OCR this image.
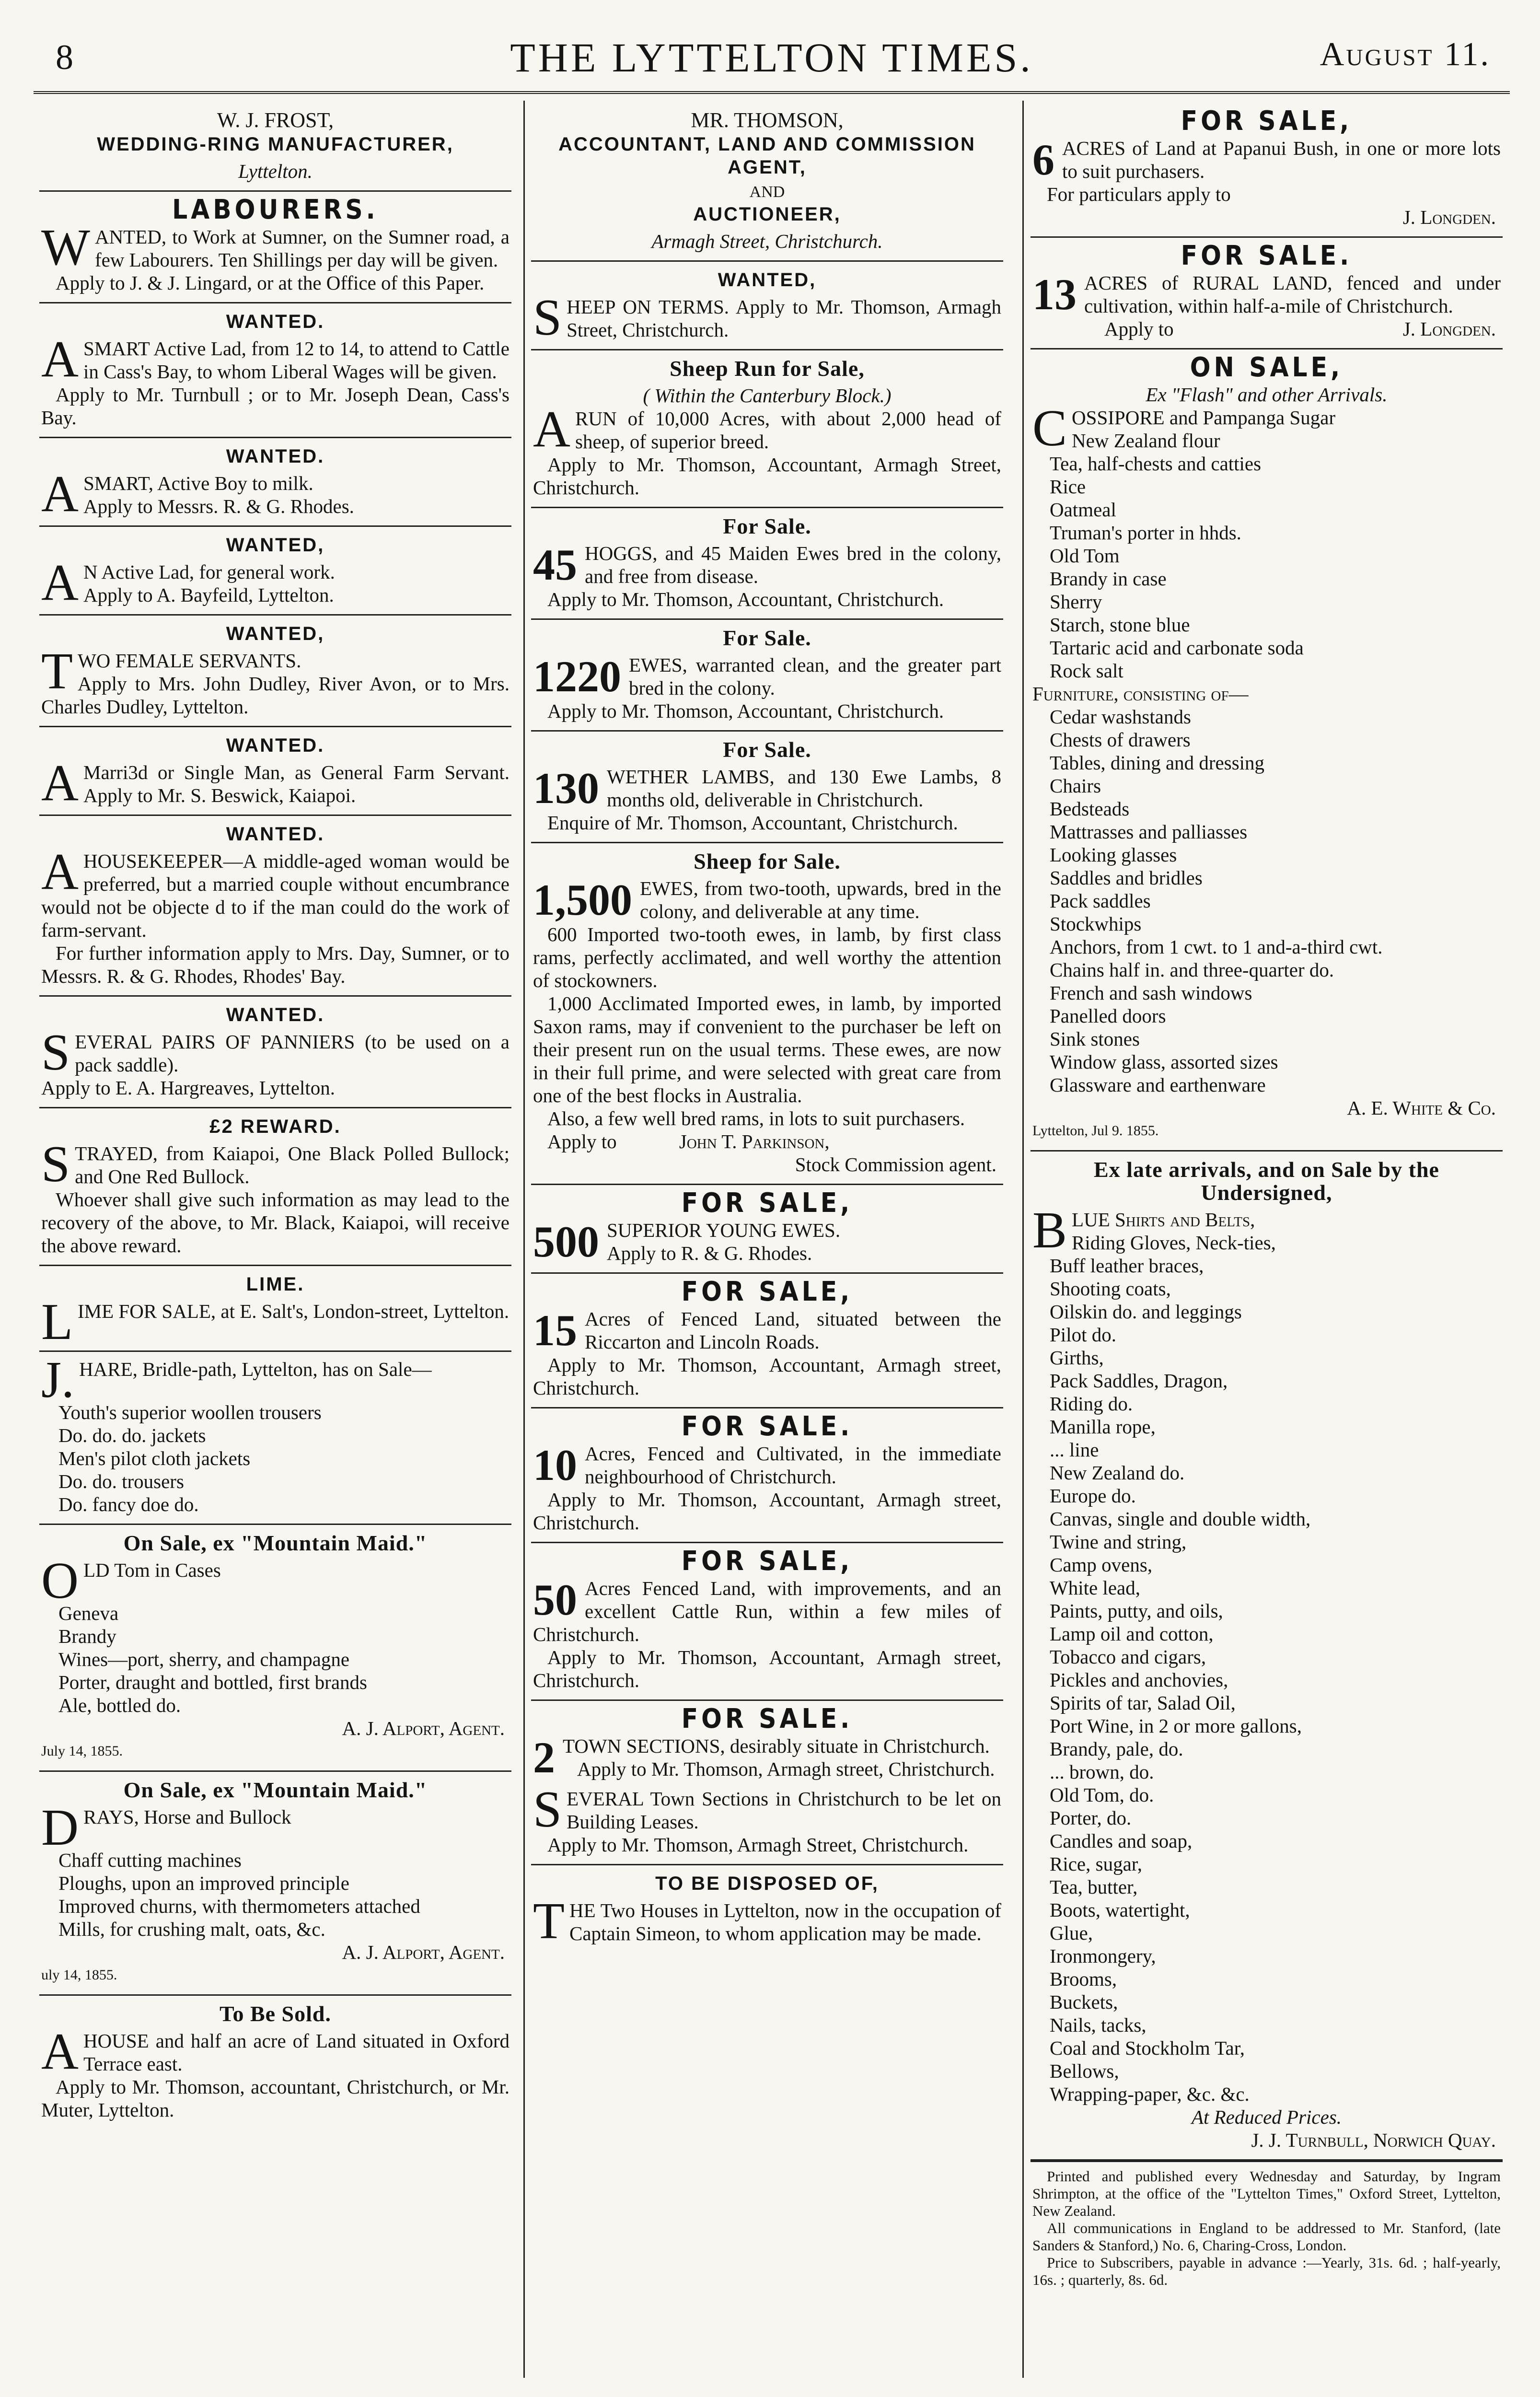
8	THE LYTTELTON TIMES.	August 11.
W. J. FROST,
WEDDING-RING MANUFACTURER,
Lyttelton.
LABOURERS.
W ANTED, to Work at Sumner, on the Sumner road, a few Labourers. Ten Shillings per day will be given.

Apply to J. & J. Lingard, or at the Office of this Paper.

WANTED.
A SMART Active Lad, from 12 to 14, to attend to Cattle in Cass's Bay, to whom Liberal Wages will be given.

Apply to Mr. Turnbull ; or to Mr. Joseph Dean, Cass's Bay.

WANTED.
A SMART, Active Boy to milk.

Apply to Messrs. R. & G. Rhodes.

WANTED,
A N Active Lad, for general work.

Apply to A. Bayfeild, Lyttelton.

WANTED,
T WO FEMALE SERVANTS.

Apply to Mrs. John Dudley, River Avon, or to Mrs. Charles Dudley, Lyttelton.

WANTED.
A Marri3d or Single Man, as General Farm Servant. Apply to Mr. S. Beswick, Kaiapoi.

WANTED.
A HOUSEKEEPER—A middle-aged woman would be preferred, but a married couple without encumbrance would not be objecte d to if the man could do the work of farm-servant.

For further information apply to Mrs. Day, Sumner, or to Messrs. R. & G. Rhodes, Rhodes' Bay.

WANTED.
S EVERAL PAIRS OF PANNIERS (to be used on a pack saddle).

Apply to E. A. Hargreaves, Lyttelton.

£2 REWARD.
S TRAYED, from Kaiapoi, One Black Polled Bullock; and One Red Bullock.

Whoever shall give such information as may lead to the recovery of the above, to Mr. Black, Kaiapoi, will receive the above reward.

LIME.
L IME FOR SALE, at E. Salt's, London-street, Lyttelton.

J. HARE, Bridle-path, Lyttelton, has on Sale—

Youth's superior woollen trousers
Do. do. do. jackets
Men's pilot cloth jackets
Do. do. trousers
Do. fancy doe do.
On Sale, ex "Mountain Maid."
O LD Tom in Cases

Geneva
Brandy
Wines—port, sherry, and champagne
Porter, draught and bottled, first brands
Ale, bottled do.
A. J. Alport, Agent.
July 14, 1855.
On Sale, ex "Mountain Maid."
D RAYS, Horse and Bullock

Chaff cutting machines
Ploughs, upon an improved principle
Improved churns, with thermometers attached
Mills, for crushing malt, oats, &c.
A. J. Alport, Agent.
uly 14, 1855.
To Be Sold.
A HOUSE and half an acre of Land situated in Oxford Terrace east.

Apply to Mr. Thomson, accountant, Christchurch, or Mr. Muter, Lyttelton.

MR. THOMSON,
ACCOUNTANT, LAND AND COMMISSION AGENT,
AND
AUCTIONEER,
Armagh Street, Christchurch.
WANTED,
S HEEP ON TERMS. Apply to Mr. Thomson, Armagh Street, Christchurch.

Sheep Run for Sale,
( Within the Canterbury Block.)
A RUN of 10,000 Acres, with about 2,000 head of sheep, of superior breed.

Apply to Mr. Thomson, Accountant, Armagh Street, Christchurch.

For Sale.
45 HOGGS, and 45 Maiden Ewes bred in the colony, and free from disease.

Apply to Mr. Thomson, Accountant, Christchurch.

For Sale.
1220 EWES, warranted clean, and the greater part bred in the colony.

Apply to Mr. Thomson, Accountant, Christchurch.

For Sale.
130 WETHER LAMBS, and 130 Ewe Lambs, 8 months old, deliverable in Christchurch.

Enquire of Mr. Thomson, Accountant, Christchurch.

Sheep for Sale.
1,500 EWES, from two-tooth, upwards, bred in the colony, and deliverable at any time.

600 Imported two-tooth ewes, in lamb, by first class rams, perfectly acclimated, and well worthy the attention of stockowners.

1,000 Acclimated Imported ewes, in lamb, by imported Saxon rams, may if convenient to the purchaser be left on their present run on the usual terms. These ewes, are now in their full prime, and were selected with great care from one of the best flocks in Australia.

Also, a few well bred rams, in lots to suit purchasers.

Apply to	John T. Parkinson,
Stock Commission agent.
FOR SALE,
500 SUPERIOR YOUNG EWES.

Apply to R. & G. Rhodes.

FOR SALE,
15 Acres of Fenced Land, situated between the Riccarton and Lincoln Roads.

Apply to Mr. Thomson, Accountant, Armagh street, Christchurch.

FOR SALE.
10 Acres, Fenced and Cultivated, in the immediate neighbourhood of Christchurch.

Apply to Mr. Thomson, Accountant, Armagh street, Christchurch.

FOR SALE,
50 Acres Fenced Land, with improvements, and an excellent Cattle Run, within a few miles of Christchurch.

Apply to Mr. Thomson, Accountant, Armagh street, Christchurch.

FOR SALE.
2 TOWN SECTIONS, desirably situate in Christchurch.

Apply to Mr. Thomson, Armagh street, Christchurch.

S EVERAL Town Sections in Christchurch to be let on Building Leases.

Apply to Mr. Thomson, Armagh Street, Christchurch.

TO BE DISPOSED OF,
T HE Two Houses in Lyttelton, now in the occupation of Captain Simeon, to whom application may be made.

FOR SALE,
6 ACRES of Land at Papanui Bush, in one or more lots to suit purchasers.

For particulars apply to

J. Longden.
FOR SALE.
13 ACRES of RURAL LAND, fenced and under cultivation, within half-a-mile of Christchurch.

Apply to	J. Longden.
ON SALE,
Ex "Flash" and other Arrivals.
C OSSIPORE and Pampanga Sugar

New Zealand flour
Tea, half-chests and catties
Rice
Oatmeal
Truman's porter in hhds.
Old Tom
Brandy in case
Sherry
Starch, stone blue
Tartaric acid and carbonate soda
Rock salt
Furniture, consisting of—
Cedar washstands
Chests of drawers
Tables, dining and dressing
Chairs
Bedsteads
Mattrasses and palliasses
Looking glasses
Saddles and bridles
Pack saddles
Stockwhips
Anchors, from 1 cwt. to 1 and-a-third cwt.
Chains half in. and three-quarter do.
French and sash windows
Panelled doors
Sink stones
Window glass, assorted sizes
Glassware and earthenware
A. E. White & Co.
Lyttelton, Jul 9. 1855.
Ex late arrivals, and on Sale by the Undersigned,
B LUE Shirts and Belts,

Riding Gloves, Neck-ties,
Buff leather braces,
Shooting coats,
Oilskin do. and leggings
Pilot do.
Girths,
Pack Saddles, Dragon,
Riding do.
Manilla rope,
... line
New Zealand do.
Europe do.
Canvas, single and double width,
Twine and string,
Camp ovens,
White lead,
Paints, putty, and oils,
Lamp oil and cotton,
Tobacco and cigars,
Pickles and anchovies,
Spirits of tar, Salad Oil,
Port Wine, in 2 or more gallons,
Brandy, pale, do.
... brown, do.
Old Tom, do.
Porter, do.
Candles and soap,
Rice, sugar,
Tea, butter,
Boots, watertight,
Glue,
Ironmongery,
Brooms,
Buckets,
Nails, tacks,
Coal and Stockholm Tar,
Bellows,
Wrapping-paper, &c. &c.
At Reduced Prices.
J. J. Turnbull, Norwich Quay.

Printed and published every Wednesday and Saturday, by Ingram Shrimpton, at the office of the "Lyttelton Times," Oxford Street, Lyttelton, New Zealand.

All communications in England to be addressed to Mr. Stanford, (late Sanders & Stanford,) No. 6, Charing-Cross, London.

Price to Subscribers, payable in advance :—Yearly, 31s. 6d. ; half-yearly, 16s. ; quarterly, 8s. 6d.
